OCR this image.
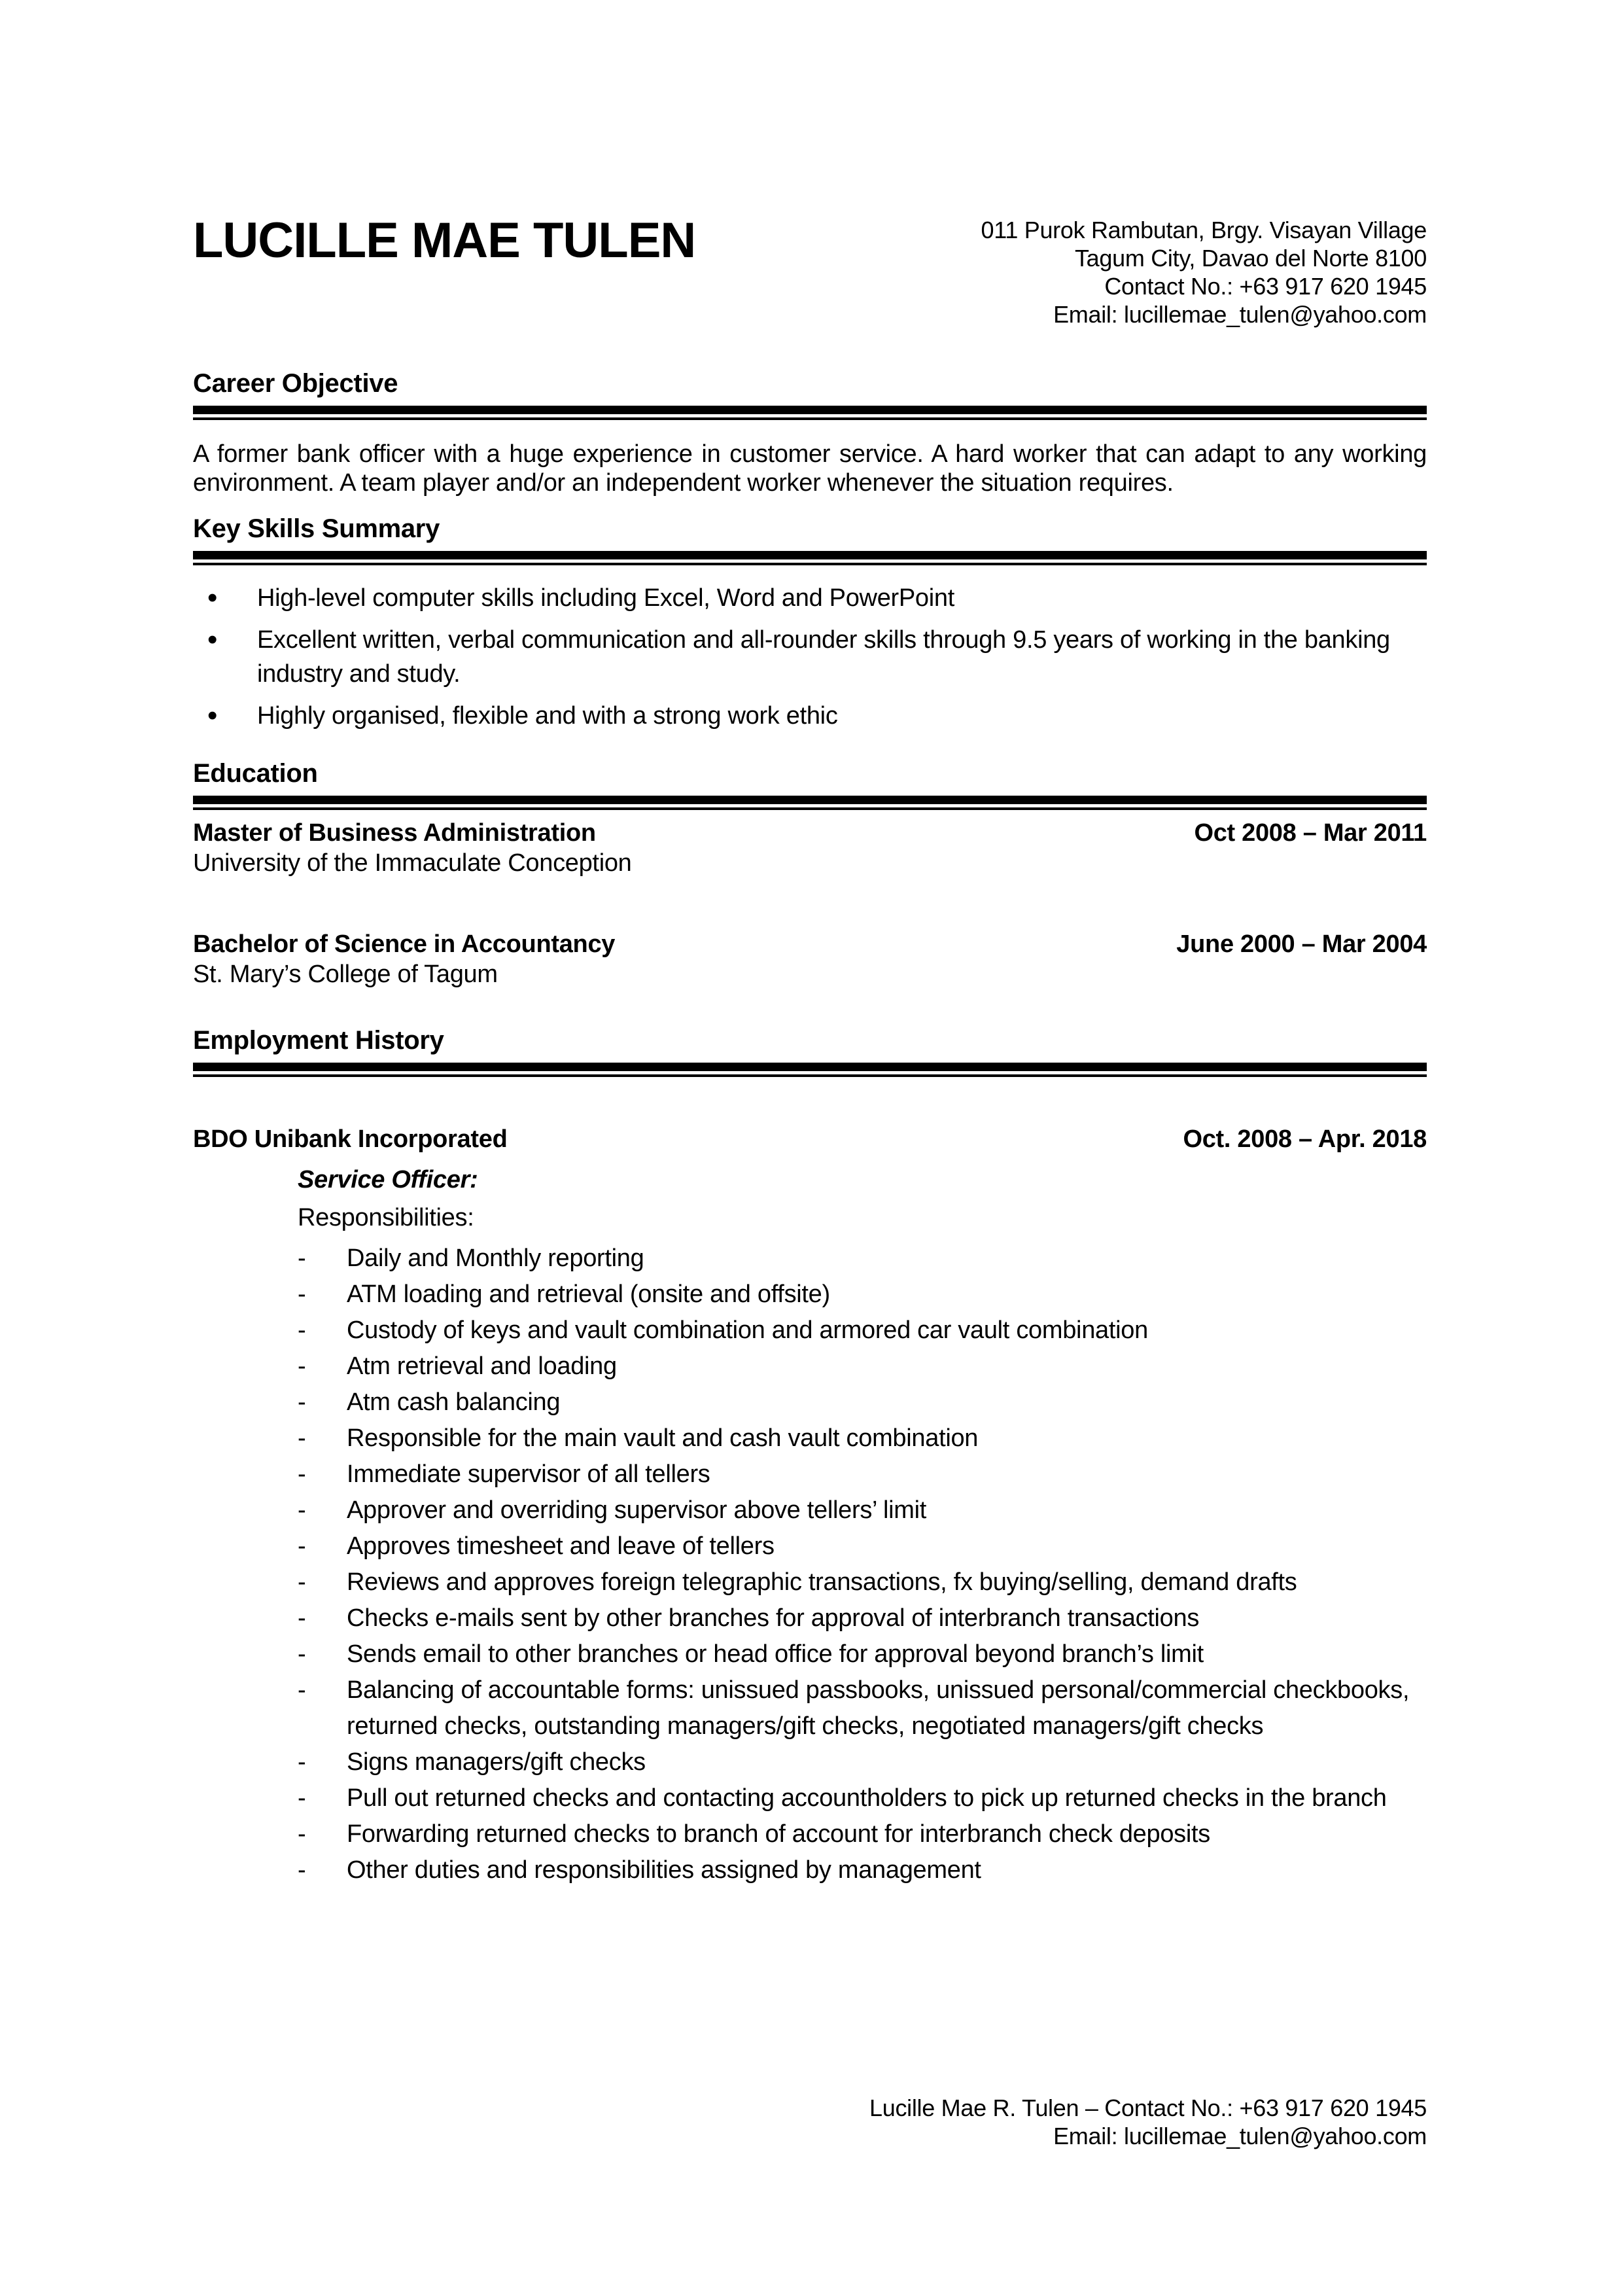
LUCILLE MAE TULEN	011 Purok Rambutan, Brgy. Visayan Village
Tagum City, Davao del Norte 8100
Contact No.: +63 917 620 1945
Email: lucillemae_tulen@yahoo.com
Career Objective
A former bank officer with a huge experience in customer service. A hard worker that can adapt to any working environment. A team player and/or an independent worker whenever the situation requires.
Key Skills Summary
• High-level computer skills including Excel, Word and PowerPoint
• Excellent written, verbal communication and all-rounder skills through 9.5 years of working in the banking industry and study.
• Highly organised, flexible and with a strong work ethic
Education
Master of Business Administration	Oct 2008 – Mar 2011
University of the Immaculate Conception
Bachelor of Science in Accountancy	June 2000 – Mar 2004
St. Mary’s College of Tagum
Employment History
BDO Unibank Incorporated	Oct. 2008 – Apr. 2018
Service Officer:
Responsibilities:
- Daily and Monthly reporting
- ATM loading and retrieval (onsite and offsite)
- Custody of keys and vault combination and armored car vault combination
- Atm retrieval and loading
- Atm cash balancing
- Responsible for the main vault and cash vault combination
- Immediate supervisor of all tellers
- Approver and overriding supervisor above tellers’ limit
- Approves timesheet and leave of tellers
- Reviews and approves foreign telegraphic transactions, fx buying/selling, demand drafts
- Checks e-mails sent by other branches for approval of interbranch transactions
- Sends email to other branches or head office for approval beyond branch’s limit
- Balancing of accountable forms: unissued passbooks, unissued personal/commercial checkbooks, returned checks, outstanding managers/gift checks, negotiated managers/gift checks
- Signs managers/gift checks
- Pull out returned checks and contacting accountholders to pick up returned checks in the branch
- Forwarding returned checks to branch of account for interbranch check deposits
- Other duties and responsibilities assigned by management
Lucille Mae R. Tulen – Contact No.: +63 917 620 1945
Email: lucillemae_tulen@yahoo.com
